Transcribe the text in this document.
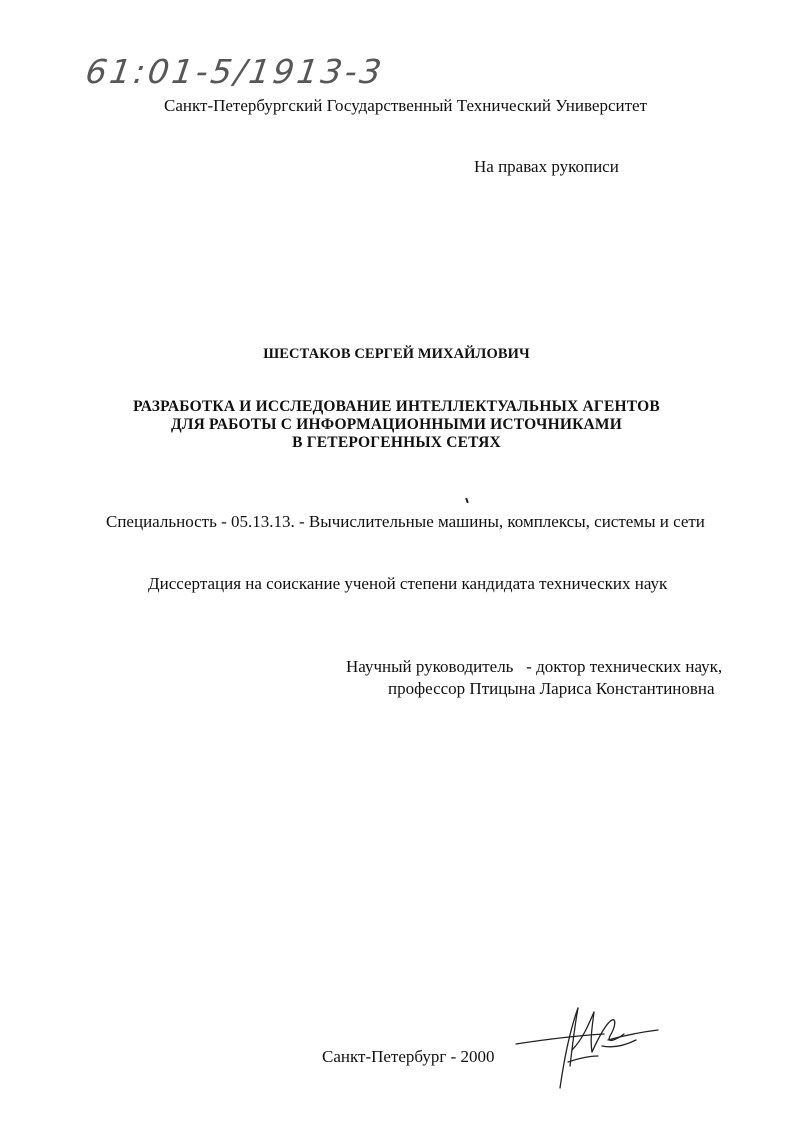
61:01-5/1913-3
Санкт-Петербургский Государственный Технический Университет
На правах рукописи
ШЕСТАКОВ СЕРГЕЙ МИХАЙЛОВИЧ
РАЗРАБОТКА И ИССЛЕДОВАНИЕ ИНТЕЛЛЕКТУАЛЬНЫХ АГЕНТОВ
ДЛЯ РАБОТЫ С ИНФОРМАЦИОННЫМИ ИСТОЧНИКАМИ
В ГЕТЕРОГЕННЫХ СЕТЯХ
Специальность - 05.13.13. - Вычислительные машины, комплексы, системы и сети
Диссертация на соискание ученой степени кандидата технических наук
Научный руководитель   - доктор технических наук,
профессор Птицына Лариса Константиновна
Санкт-Петербург - 2000
